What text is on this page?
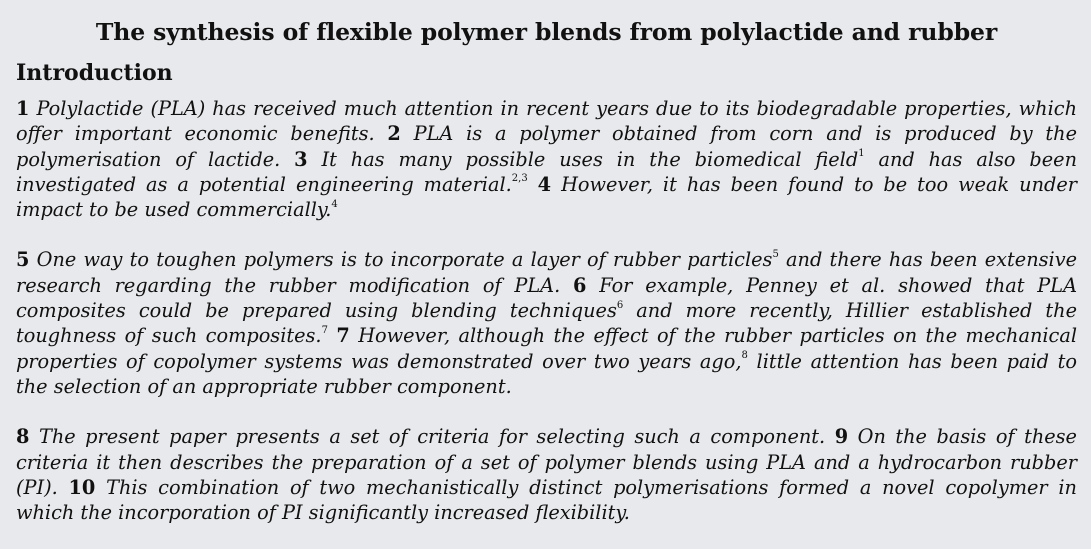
The synthesis of flexible polymer blends from polylactide and rubber
Introduction

1 Polylactide (PLA) has received much attention in recent years due to its biodegradable properties, which offer important economic benefits. 2 PLA is a polymer obtained from corn and is produced by the polymerisation of lactide. 3 It has many possible uses in the biomedical field$^1$ and has also been investigated as a potential engineering material.$^{2,3}$ 4 However, it has been found to be too weak under impact to be used commercially.$^4$

5 One way to toughen polymers is to incorporate a layer of rubber particles$^5$ and there has been extensive research regarding the rubber modification of PLA. 6 For example, Penney et al. showed that PLA composites could be prepared using blending techniques$^6$ and more recently, Hillier established the toughness of such composites.$^7$ 7 However, although the effect of the rubber particles on the mechanical properties of copolymer systems was demonstrated over two years ago,$^8$ little attention has been paid to the selection of an appropriate rubber component.

8 The present paper presents a set of criteria for selecting such a component. 9 On the basis of these criteria it then describes the preparation of a set of polymer blends using PLA and a hydrocarbon rubber (PI). 10 This combination of two mechanistically distinct polymerisations formed a novel copolymer in which the incorporation of PI significantly increased flexibility.
